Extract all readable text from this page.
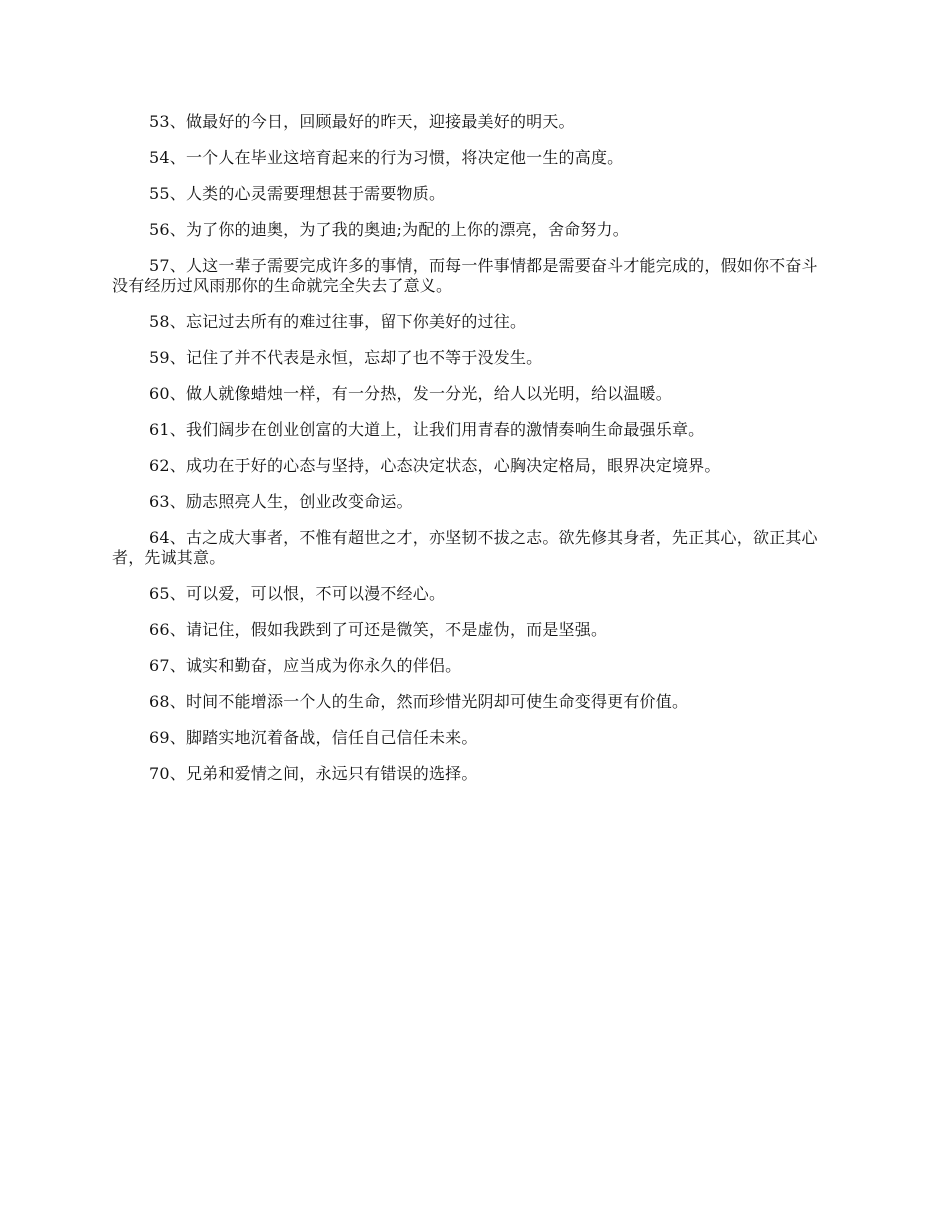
53、做最好的今日，回顾最好的昨天，迎接最美好的明天。

54、一个人在毕业这培育起来的行为习惯，将决定他一生的高度。

55、人类的心灵需要理想甚于需要物质。

56、为了你的迪奥，为了我的奥迪;为配的上你的漂亮，舍命努力。

57、人这一辈子需要完成许多的事情，而每一件事情都是需要奋斗才能完成的，假如你不奋斗没有经历过风雨那你的生命就完全失去了意义。

58、忘记过去所有的难过往事，留下你美好的过往。

59、记住了并不代表是永恒，忘却了也不等于没发生。

60、做人就像蜡烛一样，有一分热，发一分光，给人以光明，给以温暖。

61、我们阔步在创业创富的大道上，让我们用青春的激情奏响生命最强乐章。

62、成功在于好的心态与坚持，心态决定状态，心胸决定格局，眼界决定境界。

63、励志照亮人生，创业改变命运。

64、古之成大事者，不惟有超世之才，亦坚韧不拔之志。欲先修其身者，先正其心，欲正其心者，先诚其意。

65、可以爱，可以恨，不可以漫不经心。

66、请记住，假如我跌到了可还是微笑，不是虚伪，而是坚强。

67、诚实和勤奋，应当成为你永久的伴侣。

68、时间不能增添一个人的生命，然而珍惜光阴却可使生命变得更有价值。

69、脚踏实地沉着备战，信任自己信任未来。

70、兄弟和爱情之间，永远只有错误的选择。
